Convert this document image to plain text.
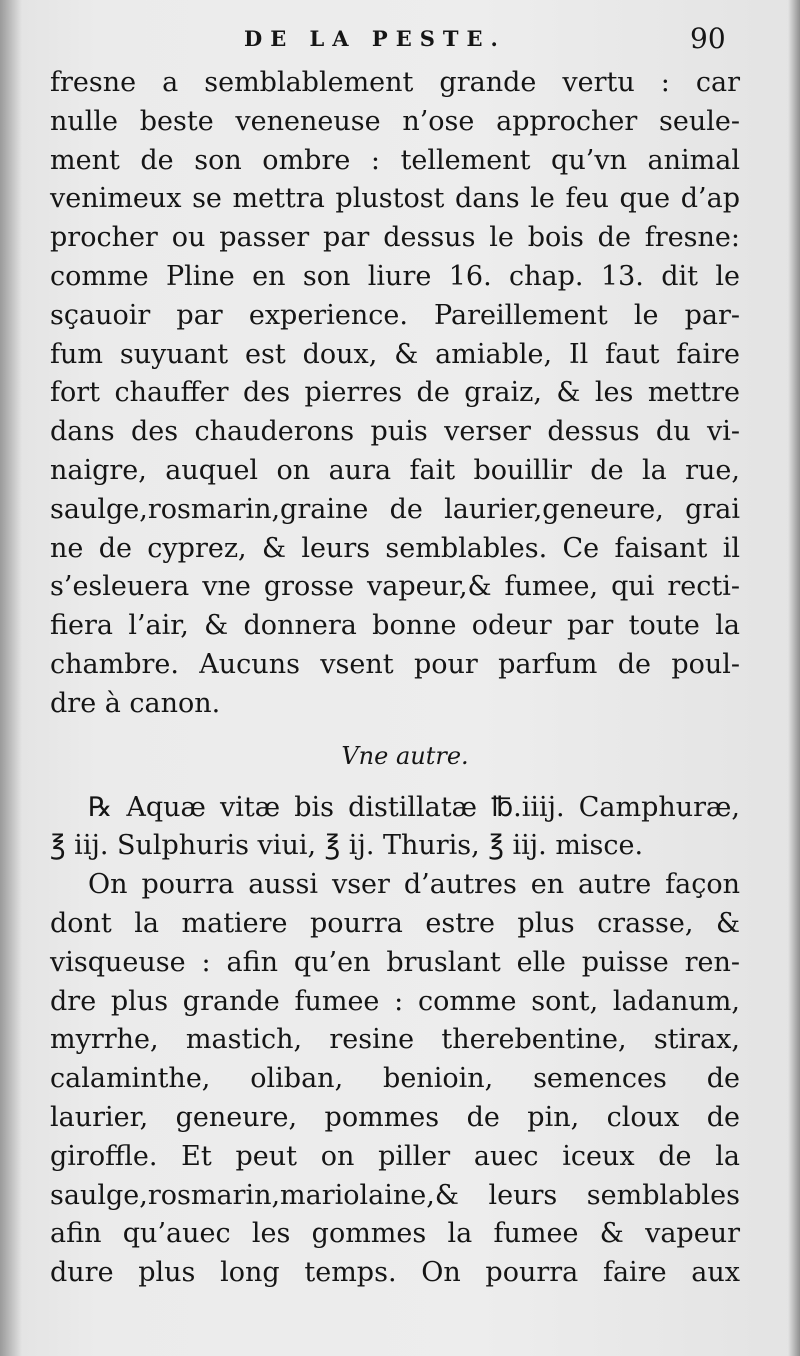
DE LA PESTE.	90
fresne a semblablement grande vertu : car
nulle beste veneneuse n’ose approcher seule-
ment de son ombre : tellement qu’vn animal
venimeux se mettra plustost dans le feu que d’ap
procher ou passer par dessus le bois de fresne:
comme Pline en son liure 16. chap. 13. dit le
sçauoir par experience. Pareillement le par-
fum suyuant est doux, & amiable, Il faut faire
fort chauffer des pierres de graiz, & les mettre
dans des chauderons puis verser dessus du vi-
naigre, auquel on aura fait bouillir de la rue,
saulge,rosmarin,graine de laurier,geneure, grai
ne de cyprez, & leurs semblables. Ce faisant il
s’esleuera vne grosse vapeur,& fumee, qui recti-
fiera l’air, & donnera bonne odeur par toute la
chambre. Aucuns vsent pour parfum de poul-
dre à canon.
Vne autre.
℞ Aquæ vitæ bis distillatæ ℔.iiij. Camphuræ,
℥ iij. Sulphuris viui, ℥ ij. Thuris, ℥ iij. misce.
On pourra aussi vser d’autres en autre façon
dont la matiere pourra estre plus crasse, &
visqueuse : afin qu’en bruslant elle puisse ren-
dre plus grande fumee : comme sont, ladanum,
myrrhe, mastich, resine therebentine, stirax,
calaminthe, oliban, benioin, semences de
laurier, geneure, pommes de pin, cloux de
giroffle. Et peut on piller auec iceux de la
saulge,rosmarin,mariolaine,& leurs semblables
afin qu’auec les gommes la fumee & vapeur
dure plus long temps. On pourra faire aux
